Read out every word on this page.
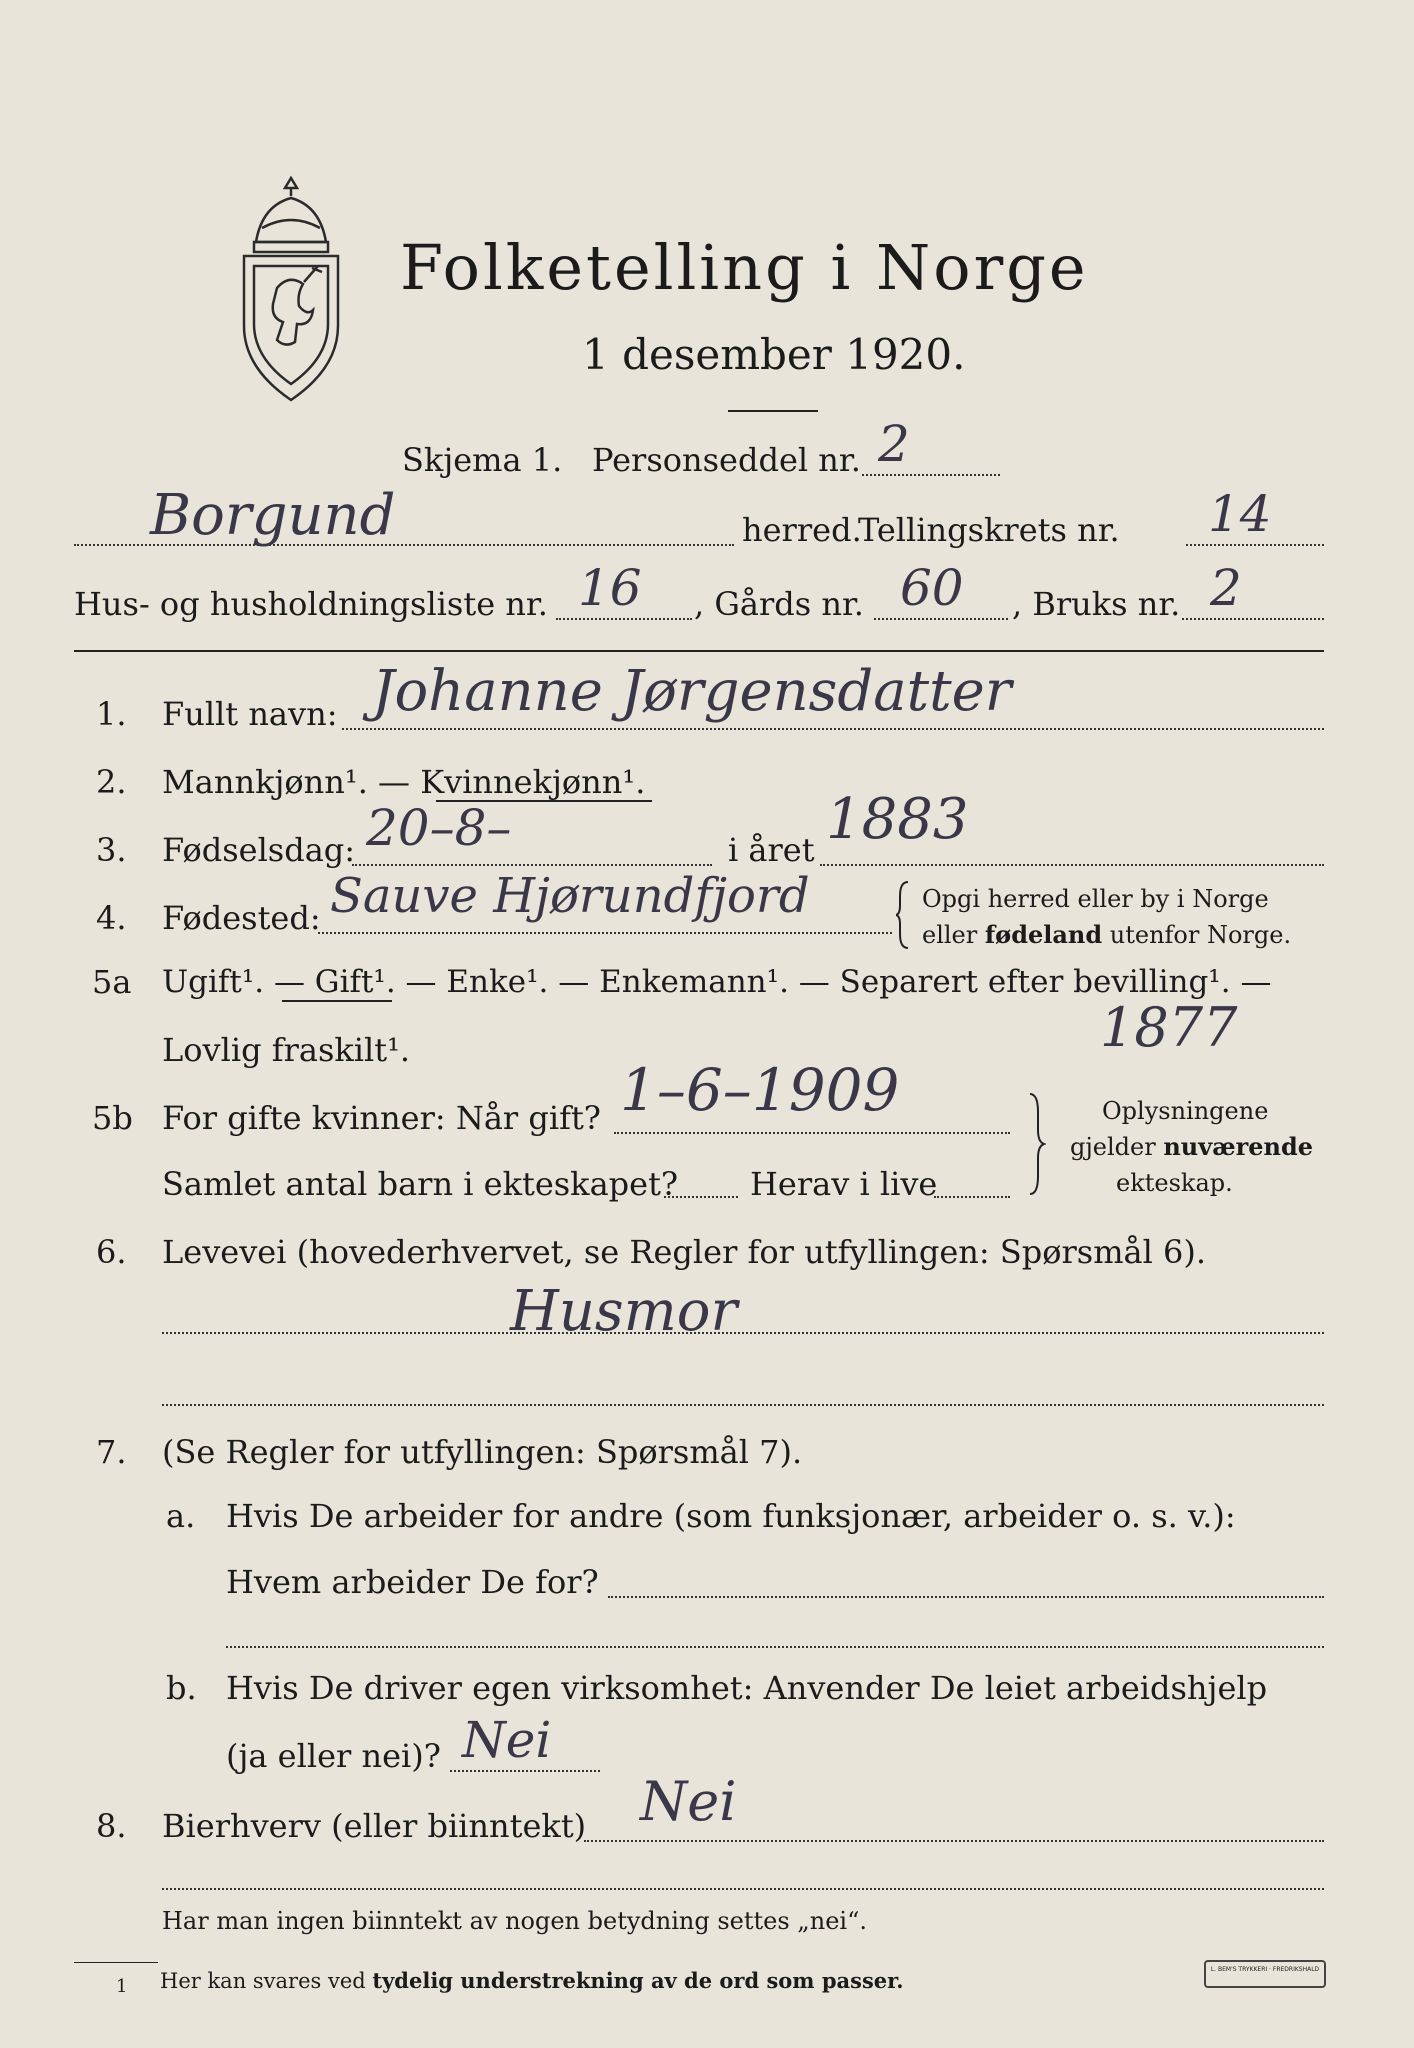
Folketelling i Norge
1 desember 1920.
Skjema 1. Personseddel nr. 2
Borgund	herred.
Tellingskrets nr. 14
Hus- og husholdningsliste nr. 16 , Gårds nr. 60 , Bruks nr. 2
1. Fullt navn: Johanne Jørgensdatter
2. Mannkjønn¹. — Kvinnekjønn¹.
3. Fødselsdag: 20–8–	i året 1883
4. Fødested: Sauve Hjørundfjord	Opgi herred eller by i Norge
eller fødeland utenfor Norge.
5a Ugift¹. — Gift¹. — Enke¹. — Enkemann¹. — Separert efter bevilling¹. —
Lovlig fraskilt¹.	1877
5b For gifte kvinner: Når gift? 1–6–1909
Samlet antal barn i ekteskapet? Herav i live
Oplysningene
gjelder nuværende
ekteskap.
6. Levevei (hovederhvervet, se Regler for utfyllingen: Spørsmål 6).
Husmor
7. (Se Regler for utfyllingen: Spørsmål 7).
a. Hvis De arbeider for andre (som funksjonær, arbeider o. s. v.):
Hvem arbeider De for?
b. Hvis De driver egen virksomhet: Anvender De leiet arbeidshjelp
(ja eller nei)? Nei
8. Bierhverv (eller biinntekt) Nei
Har man ingen biinntekt av nogen betydning settes „nei“.
1 Her kan svares ved tydelig understrekning av de ord som passer.	L. BEM'S TRYKKERI · FREDRIKSHALD
